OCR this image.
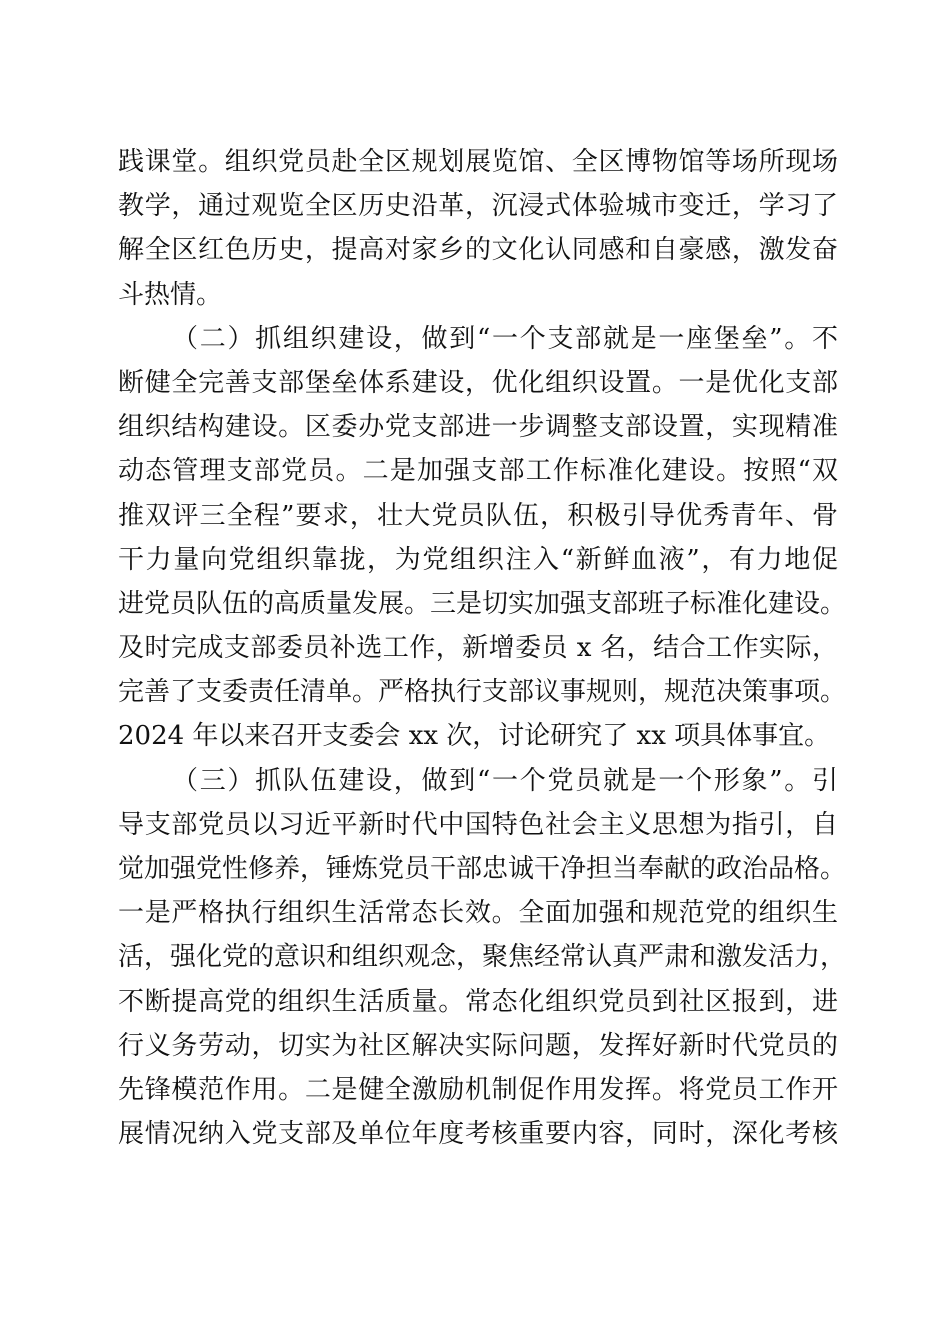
践课堂。组织党员赴全区规划展览馆、全区博物馆等场所现场
教学，通过观览全区历史沿革，沉浸式体验城市变迁，学习了
解全区红色历史，提高对家乡的文化认同感和自豪感，激发奋
斗热情。
（二）抓组织建设，做到“一个支部就是一座堡垒”。不
断健全完善支部堡垒体系建设，优化组织设置。一是优化支部
组织结构建设。区委办党支部进一步调整支部设置，实现精准
动态管理支部党员。二是加强支部工作标准化建设。按照“双
推双评三全程”要求，壮大党员队伍，积极引导优秀青年、骨
干力量向党组织靠拢，为党组织注入“新鲜血液”，有力地促
进党员队伍的高质量发展。三是切实加强支部班子标准化建设。
及时完成支部委员补选工作，新增委员 x 名，结合工作实际，
完善了支委责任清单。严格执行支部议事规则，规范决策事项。
2024 年以来召开支委会 xx 次，讨论研究了 xx 项具体事宜。
（三）抓队伍建设，做到“一个党员就是一个形象”。引
导支部党员以习近平新时代中国特色社会主义思想为指引，自
觉加强党性修养，锤炼党员干部忠诚干净担当奉献的政治品格。
一是严格执行组织生活常态长效。全面加强和规范党的组织生
活，强化党的意识和组织观念，聚焦经常认真严肃和激发活力，
不断提高党的组织生活质量。常态化组织党员到社区报到，进
行义务劳动，切实为社区解决实际问题，发挥好新时代党员的
先锋模范作用。二是健全激励机制促作用发挥。将党员工作开
展情况纳入党支部及单位年度考核重要内容，同时，深化考核
